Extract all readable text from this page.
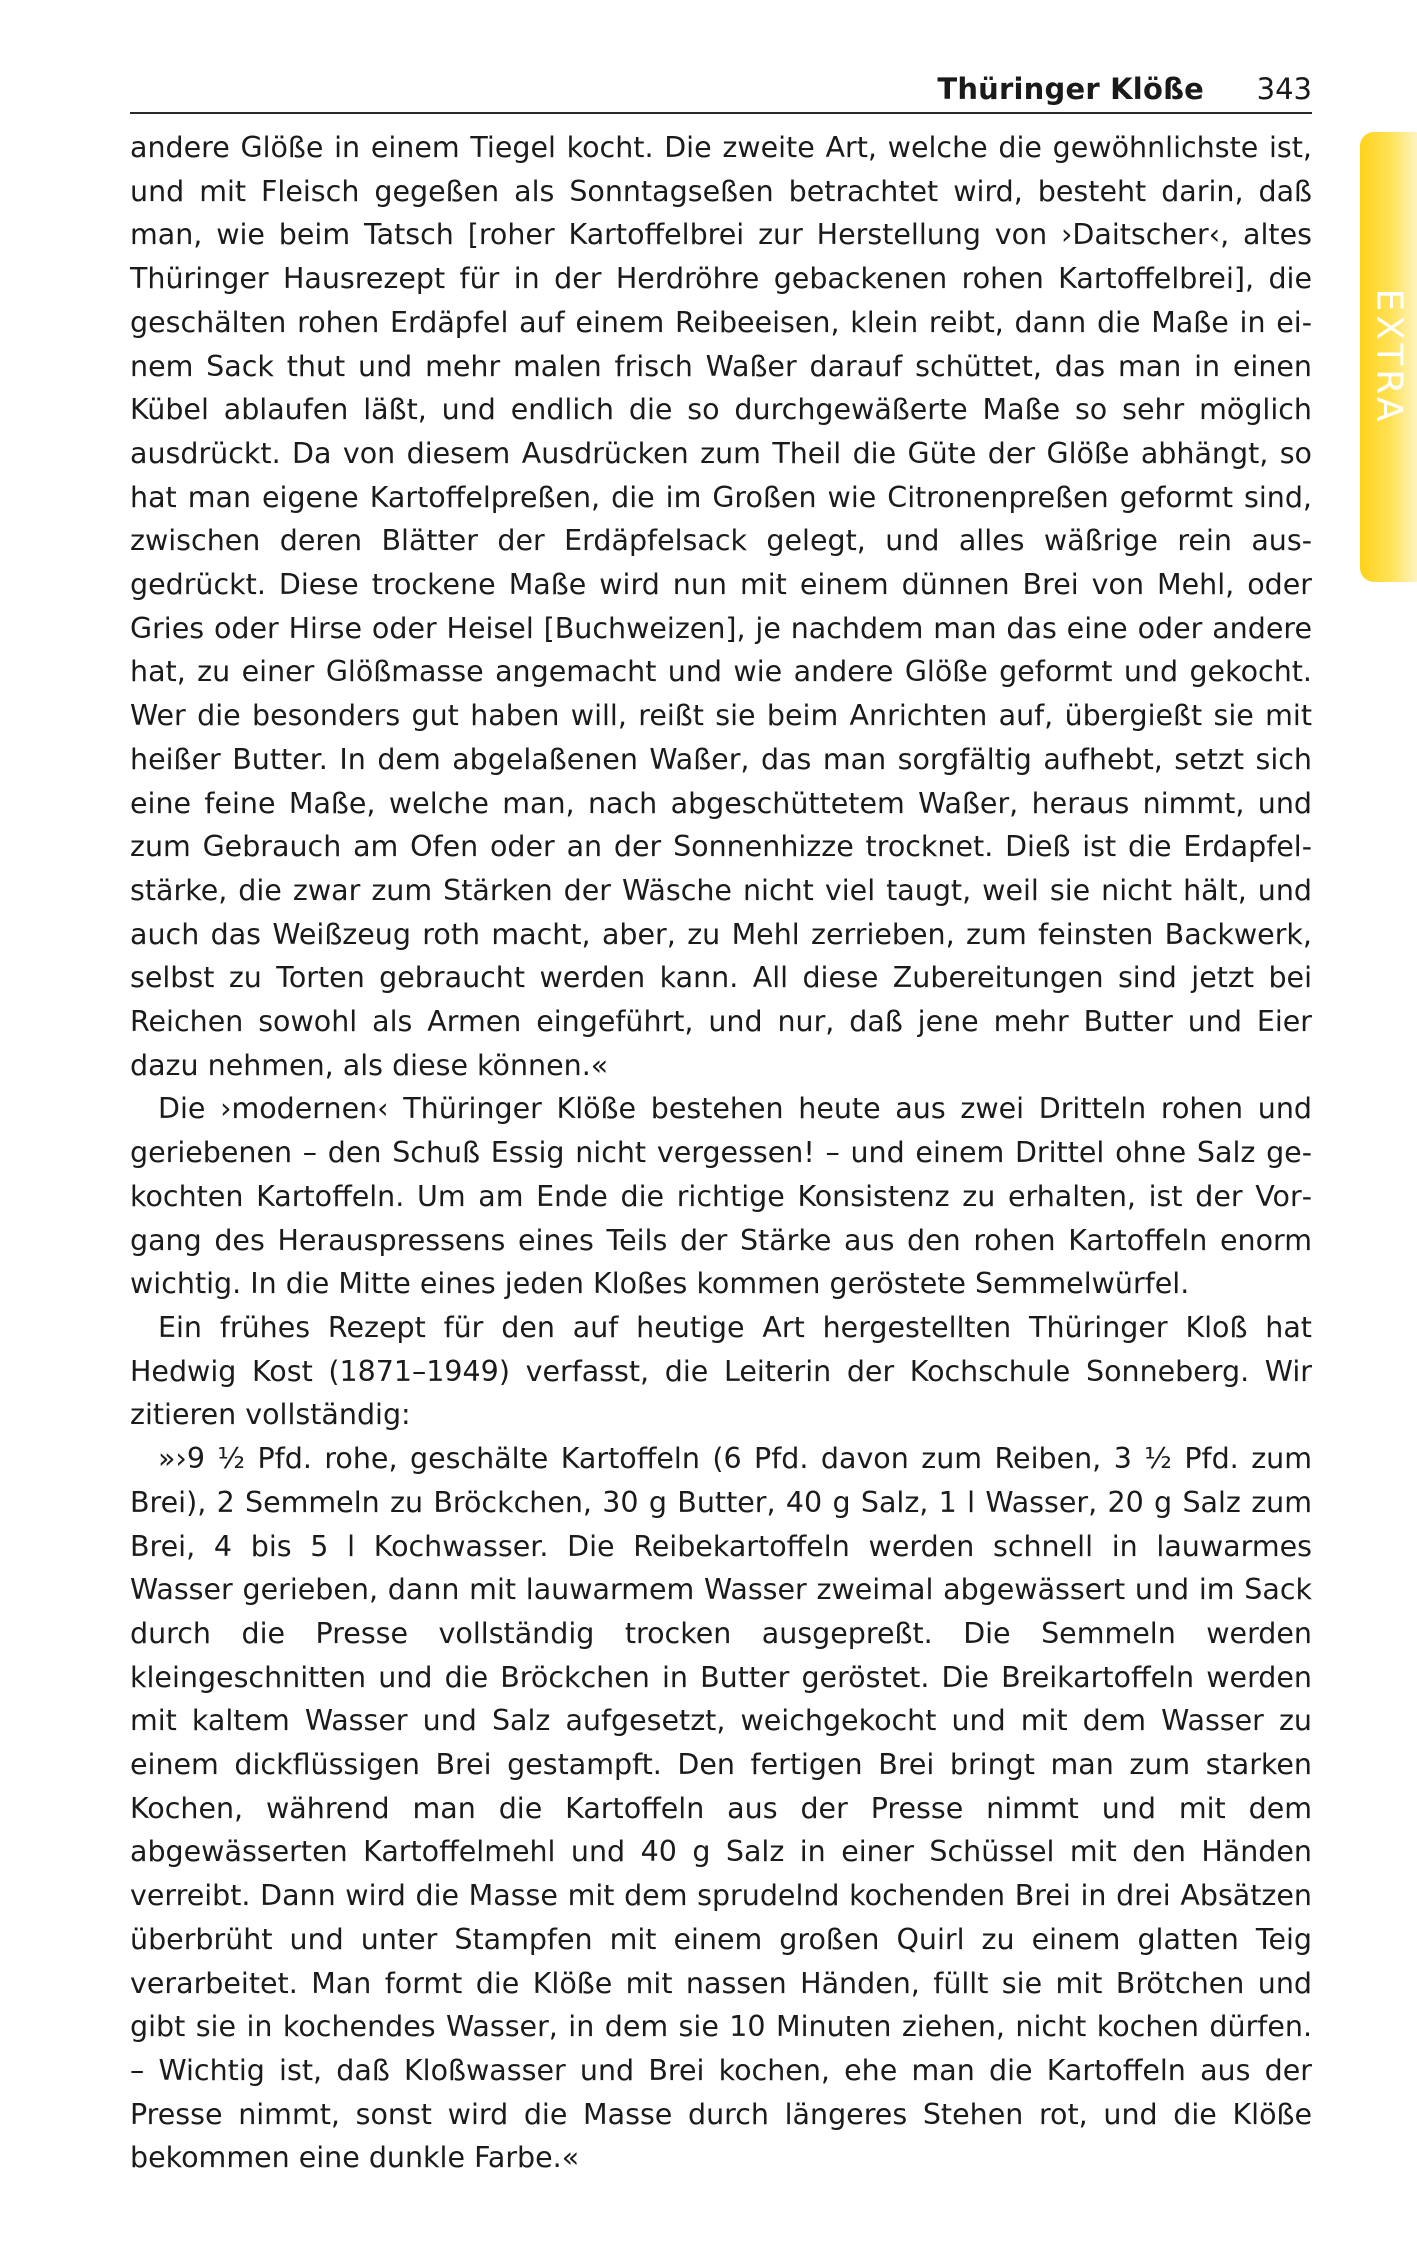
Thüringer Klöße 343
EXTRA

andere Glöße in einem Tiegel kocht. Die zweite Art, welche die gewöhnlichste ist, und mit Fleisch gegeßen als Sonntagseßen betrachtet wird, besteht darin, daß man, wie beim Tatsch [roher Kartoffelbrei zur Herstellung von ›Daitscher‹, altes Thüringer Hausrezept für in der Herdröhre gebackenen rohen Kartoffelbrei], die geschälten rohen Erdäpfel auf einem Reibeeisen, klein reibt, dann die Maße in einem Sack thut und mehr malen frisch Waßer darauf schüttet, das man in einen Kübel ablaufen läßt, und endlich die so durchgewäßerte Maße so sehr möglich ausdrückt. Da von diesem Ausdrücken zum Theil die Güte der Glöße abhängt, so hat man eigene Kartoffelpreßen, die im Großen wie Citronenpreßen geformt sind, zwischen deren Blätter der Erdäpfelsack gelegt, und alles wäßrige rein ausgedrückt. Diese trockene Maße wird nun mit einem dünnen Brei von Mehl, oder Gries oder Hirse oder Heisel [Buchweizen], je nachdem man das eine oder andere hat, zu einer Glößmasse angemacht und wie andere Glöße geformt und gekocht. Wer die besonders gut haben will, reißt sie beim Anrichten auf, übergießt sie mit heißer Butter. In dem abgelaßenen Waßer, das man sorgfältig aufhebt, setzt sich eine feine Maße, welche man, nach abgeschüttetem Waßer, heraus nimmt, und zum Gebrauch am Ofen oder an der Sonnenhizze trocknet. Dieß ist die Erdapfelstärke, die zwar zum Stärken der Wäsche nicht viel taugt, weil sie nicht hält, und auch das Weißzeug roth macht, aber, zu Mehl zerrieben, zum feinsten Backwerk, selbst zu Torten gebraucht werden kann. All diese Zubereitungen sind jetzt bei Reichen sowohl als Armen eingeführt, und nur, daß jene mehr Butter und Eier dazu nehmen, als diese können.«

Die ›modernen‹ Thüringer Klöße bestehen heute aus zwei Dritteln rohen und geriebenen – den Schuß Essig nicht vergessen! – und einem Drittel ohne Salz gekochten Kartoffeln. Um am Ende die richtige Konsistenz zu erhalten, ist der Vorgang des Herauspressens eines Teils der Stärke aus den rohen Kartoffeln enorm wichtig. In die Mitte eines jeden Kloßes kommen geröstete Semmelwürfel.

Ein frühes Rezept für den auf heutige Art hergestellten Thüringer Kloß hat Hedwig Kost (1871–1949) verfasst, die Leiterin der Kochschule Sonneberg. Wir zitieren vollständig:

»›9 ½ Pfd. rohe, geschälte Kartoffeln (6 Pfd. davon zum Reiben, 3 ½ Pfd. zum Brei), 2 Semmeln zu Bröckchen, 30 g Butter, 40 g Salz, 1 l Wasser, 20 g Salz zum Brei, 4 bis 5 l Kochwasser. Die Reibekartoffeln werden schnell in lauwarmes Wasser gerieben, dann mit lauwarmem Wasser zweimal abgewässert und im Sack durch die Presse vollständig trocken ausgepreßt. Die Semmeln werden kleingeschnitten und die Bröckchen in Butter geröstet. Die Breikartoffeln werden mit kaltem Wasser und Salz aufgesetzt, weichgekocht und mit dem Wasser zu einem dickflüssigen Brei gestampft. Den fertigen Brei bringt man zum starken Kochen, während man die Kartoffeln aus der Presse nimmt und mit dem abgewässerten Kartoffelmehl und 40 g Salz in einer Schüssel mit den Händen verreibt. Dann wird die Masse mit dem sprudelnd kochenden Brei in drei Absätzen überbrüht und unter Stampfen mit einem großen Quirl zu einem glatten Teig verarbeitet. Man formt die Klöße mit nassen Händen, füllt sie mit Brötchen und gibt sie in kochendes Wasser, in dem sie 10 Minuten ziehen, nicht kochen dürfen. – Wichtig ist, daß Kloßwasser und Brei kochen, ehe man die Kartoffeln aus der Presse nimmt, sonst wird die Masse durch längeres Stehen rot, und die Klöße bekommen eine dunkle Farbe.«
